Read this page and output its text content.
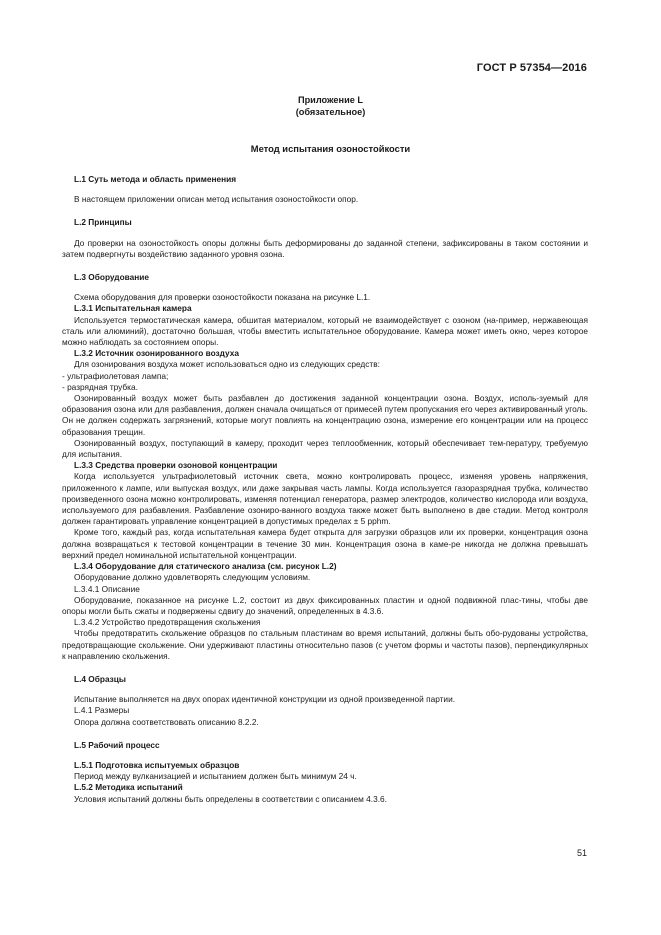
ГОСТ Р 57354—2016
Приложение L
(обязательное)
Метод испытания озоностойкости

L.1 Суть метода и область применения

В настоящем приложении описан метод испытания озоностойкости опор.

L.2 Принципы

До проверки на озоностойкость опоры должны быть деформированы до заданной степени, зафиксированы в таком состоянии и затем подвергнуты воздействию заданного уровня озона.

L.3 Оборудование

Схема оборудования для проверки озоностойкости показана на рисунке L.1.

L.3.1 Испытательная камера

Используется термостатическая камера, обшитая материалом, который не взаимодействует с озоном (на-пример, нержавеющая сталь или алюминий), достаточно большая, чтобы вместить испытательное оборудование. Камера может иметь окно, через которое можно наблюдать за состоянием опоры.

L.3.2 Источник озонированного воздуха

Для озонирования воздуха может использоваться одно из следующих средств:

- ультрафиолетовая лампа;

- разрядная трубка.

Озонированный воздух может быть разбавлен до достижения заданной концентрации озона. Воздух, исполь-зуемый для образования озона или для разбавления, должен сначала очищаться от примесей путем пропускания его через активированный уголь. Он не должен содержать загрязнений, которые могут повлиять на концентрацию озона, измерение его концентрации или на процесс образования трещин.

Озонированный воздух, поступающий в камеру, проходит через теплообменник, который обеспечивает тем-пературу, требуемую для испытания.

L.3.3 Средства проверки озоновой концентрации

Когда используется ультрафиолетовый источник света, можно контролировать процесс, изменяя уровень напряжения, приложенного к лампе, или выпуская воздух, или даже закрывая часть лампы. Когда используется газоразрядная трубка, количество произведенного озона можно контролировать, изменяя потенциал генератора, размер электродов, количество кислорода или воздуха, используемого для разбавления. Разбавление озониро-ванного воздуха также может быть выполнено в две стадии. Метод контроля должен гарантировать управление концентрацией в допустимых пределах ± 5 pphm.

Кроме того, каждый раз, когда испытательная камера будет открыта для загрузки образцов или их проверки, концентрация озона должна возвращаться к тестовой концентрации в течение 30 мин. Концентрация озона в каме-ре никогда не должна превышать верхний предел номинальной испытательной концентрации.

L.3.4 Оборудование для статического анализа (см. рисунок L.2)

Оборудование должно удовлетворять следующим условиям.

L.3.4.1 Описание

Оборудование, показанное на рисунке L.2, состоит из двух фиксированных пластин и одной подвижной плас-тины, чтобы две опоры могли быть сжаты и подвержены сдвигу до значений, определенных в 4.3.6.

L.3.4.2 Устройство предотвращения скольжения

Чтобы предотвратить скольжение образцов по стальным пластинам во время испытаний, должны быть обо-рудованы устройства, предотвращающие скольжение. Они удерживают пластины относительно пазов (с учетом формы и частоты пазов), перпендикулярных к направлению скольжения.

L.4 Образцы

Испытание выполняется на двух опорах идентичной конструкции из одной произведенной партии.

L.4.1 Размеры

Опора должна соответствовать описанию 8.2.2.

L.5 Рабочий процесс

L.5.1 Подготовка испытуемых образцов

Период между вулканизацией и испытанием должен быть минимум 24 ч.

L.5.2 Методика испытаний

Условия испытаний должны быть определены в соответствии с описанием 4.3.6.

51
